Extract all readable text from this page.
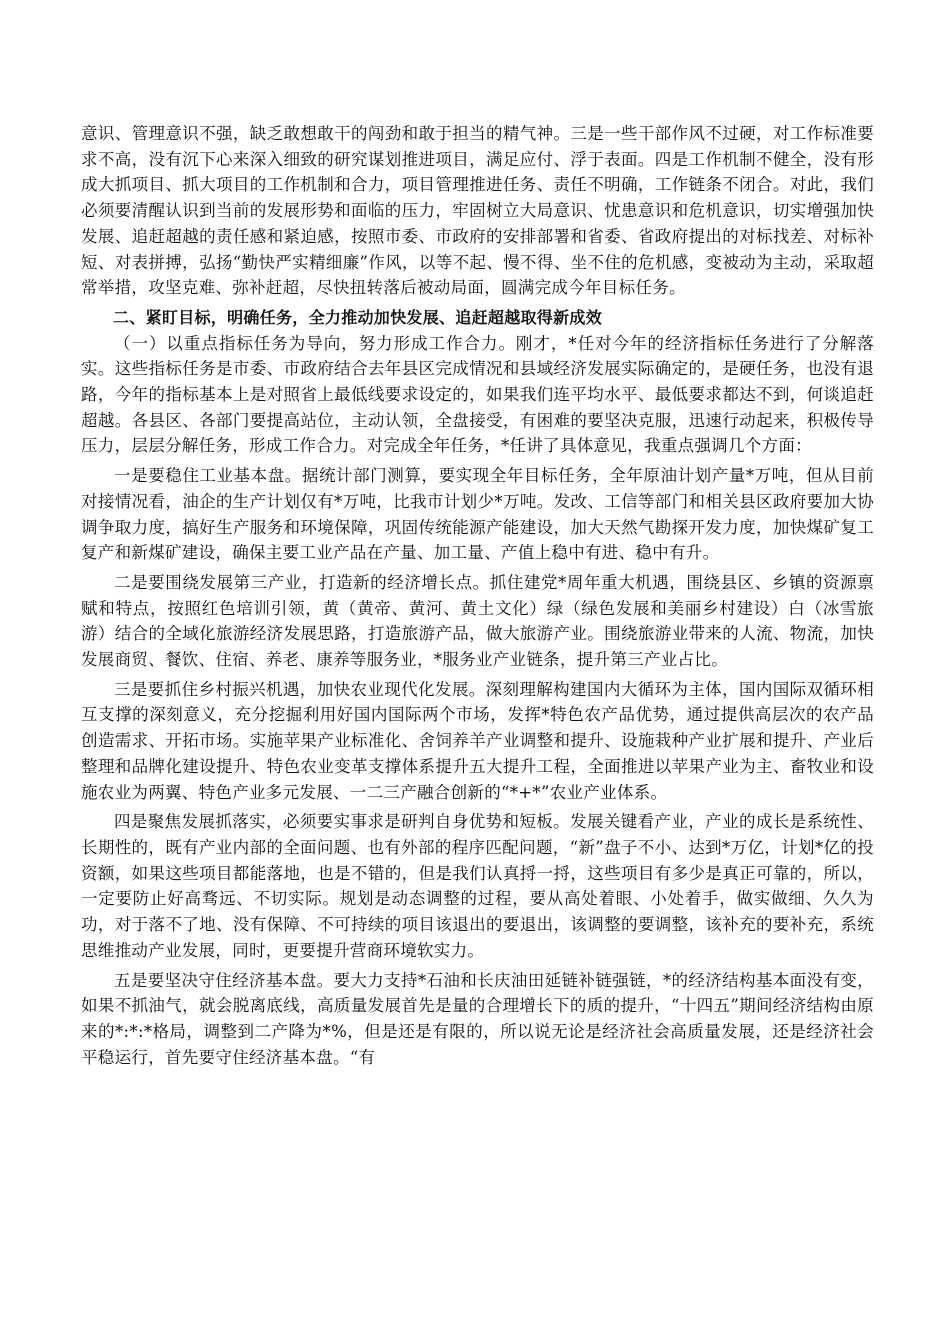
意识、管理意识不强，缺乏敢想敢干的闯劲和敢于担当的精气神。三是一些干部作风不过硬，对工作标准要求不高，没有沉下心来深入细致的研究谋划推进项目，满足应付、浮于表面。四是工作机制不健全，没有形成大抓项目、抓大项目的工作机制和合力，项目管理推进任务、责任不明确，工作链条不闭合。对此，我们必须要清醒认识到当前的发展形势和面临的压力，牢固树立大局意识、忧患意识和危机意识，切实增强加快发展、追赶超越的责任感和紧迫感，按照市委、市政府的安排部署和省委、省政府提出的对标找差、对标补短、对表拼搏，弘扬“勤快严实精细廉”作风，以等不起、慢不得、坐不住的危机感，变被动为主动，采取超常举措，攻坚克难、弥补赶超，尽快扭转落后被动局面，圆满完成今年目标任务。

二、紧盯目标，明确任务，全力推动加快发展、追赶超越取得新成效

（一）以重点指标任务为导向，努力形成工作合力。刚才，*任对今年的经济指标任务进行了分解落实。这些指标任务是市委、市政府结合去年县区完成情况和县域经济发展实际确定的，是硬任务，也没有退路，今年的指标基本上是对照省上最低线要求设定的，如果我们连平均水平、最低要求都达不到，何谈追赶超越。各县区、各部门要提高站位，主动认领，全盘接受，有困难的要坚决克服，迅速行动起来，积极传导压力，层层分解任务，形成工作合力。对完成全年任务，*任讲了具体意见，我重点强调几个方面：

一是要稳住工业基本盘。据统计部门测算，要实现全年目标任务，全年原油计划产量*万吨，但从目前对接情况看，油企的生产计划仅有*万吨，比我市计划少*万吨。发改、工信等部门和相关县区政府要加大协调争取力度，搞好生产服务和环境保障，巩固传统能源产能建设，加大天然气勘探开发力度，加快煤矿复工复产和新煤矿建设，确保主要工业产品在产量、加工量、产值上稳中有进、稳中有升。

二是要围绕发展第三产业，打造新的经济增长点。抓住建党*周年重大机遇，围绕县区、乡镇的资源禀赋和特点，按照红色培训引领，黄（黄帝、黄河、黄土文化）绿（绿色发展和美丽乡村建设）白（冰雪旅游）结合的全域化旅游经济发展思路，打造旅游产品，做大旅游产业。围绕旅游业带来的人流、物流，加快发展商贸、餐饮、住宿、养老、康养等服务业，*服务业产业链条，提升第三产业占比。

三是要抓住乡村振兴机遇，加快农业现代化发展。深刻理解构建国内大循环为主体，国内国际双循环相互支撑的深刻意义，充分挖掘利用好国内国际两个市场，发挥*特色农产品优势，通过提供高层次的农产品创造需求、开拓市场。实施苹果产业标准化、舍饲养羊产业调整和提升、设施栽种产业扩展和提升、产业后整理和品牌化建设提升、特色农业变革支撑体系提升五大提升工程，全面推进以苹果产业为主、畜牧业和设施农业为两翼、特色产业多元发展、一二三产融合创新的“*+*”农业产业体系。

四是聚焦发展抓落实，必须要实事求是研判自身优势和短板。发展关键看产业，产业的成长是系统性、长期性的，既有产业内部的全面问题、也有外部的程序匹配问题，“新”盘子不小、达到*万亿，计划*亿的投资额，如果这些项目都能落地，也是不错的，但是我们认真捋一捋，这些项目有多少是真正可靠的，所以，一定要防止好高骛远、不切实际。规划是动态调整的过程，要从高处着眼、小处着手，做实做细、久久为功，对于落不了地、没有保障、不可持续的项目该退出的要退出，该调整的要调整，该补充的要补充，系统思维推动产业发展，同时，更要提升营商环境软实力。

五是要坚决守住经济基本盘。要大力支持*石油和长庆油田延链补链强链，*的经济结构基本面没有变，如果不抓油气，就会脱离底线，高质量发展首先是量的合理增长下的质的提升，“十四五”期间经济结构由原来的*:*:*格局，调整到二产降为*%，但是还是有限的，所以说无论是经济社会高质量发展，还是经济社会平稳运行，首先要守住经济基本盘。“有
